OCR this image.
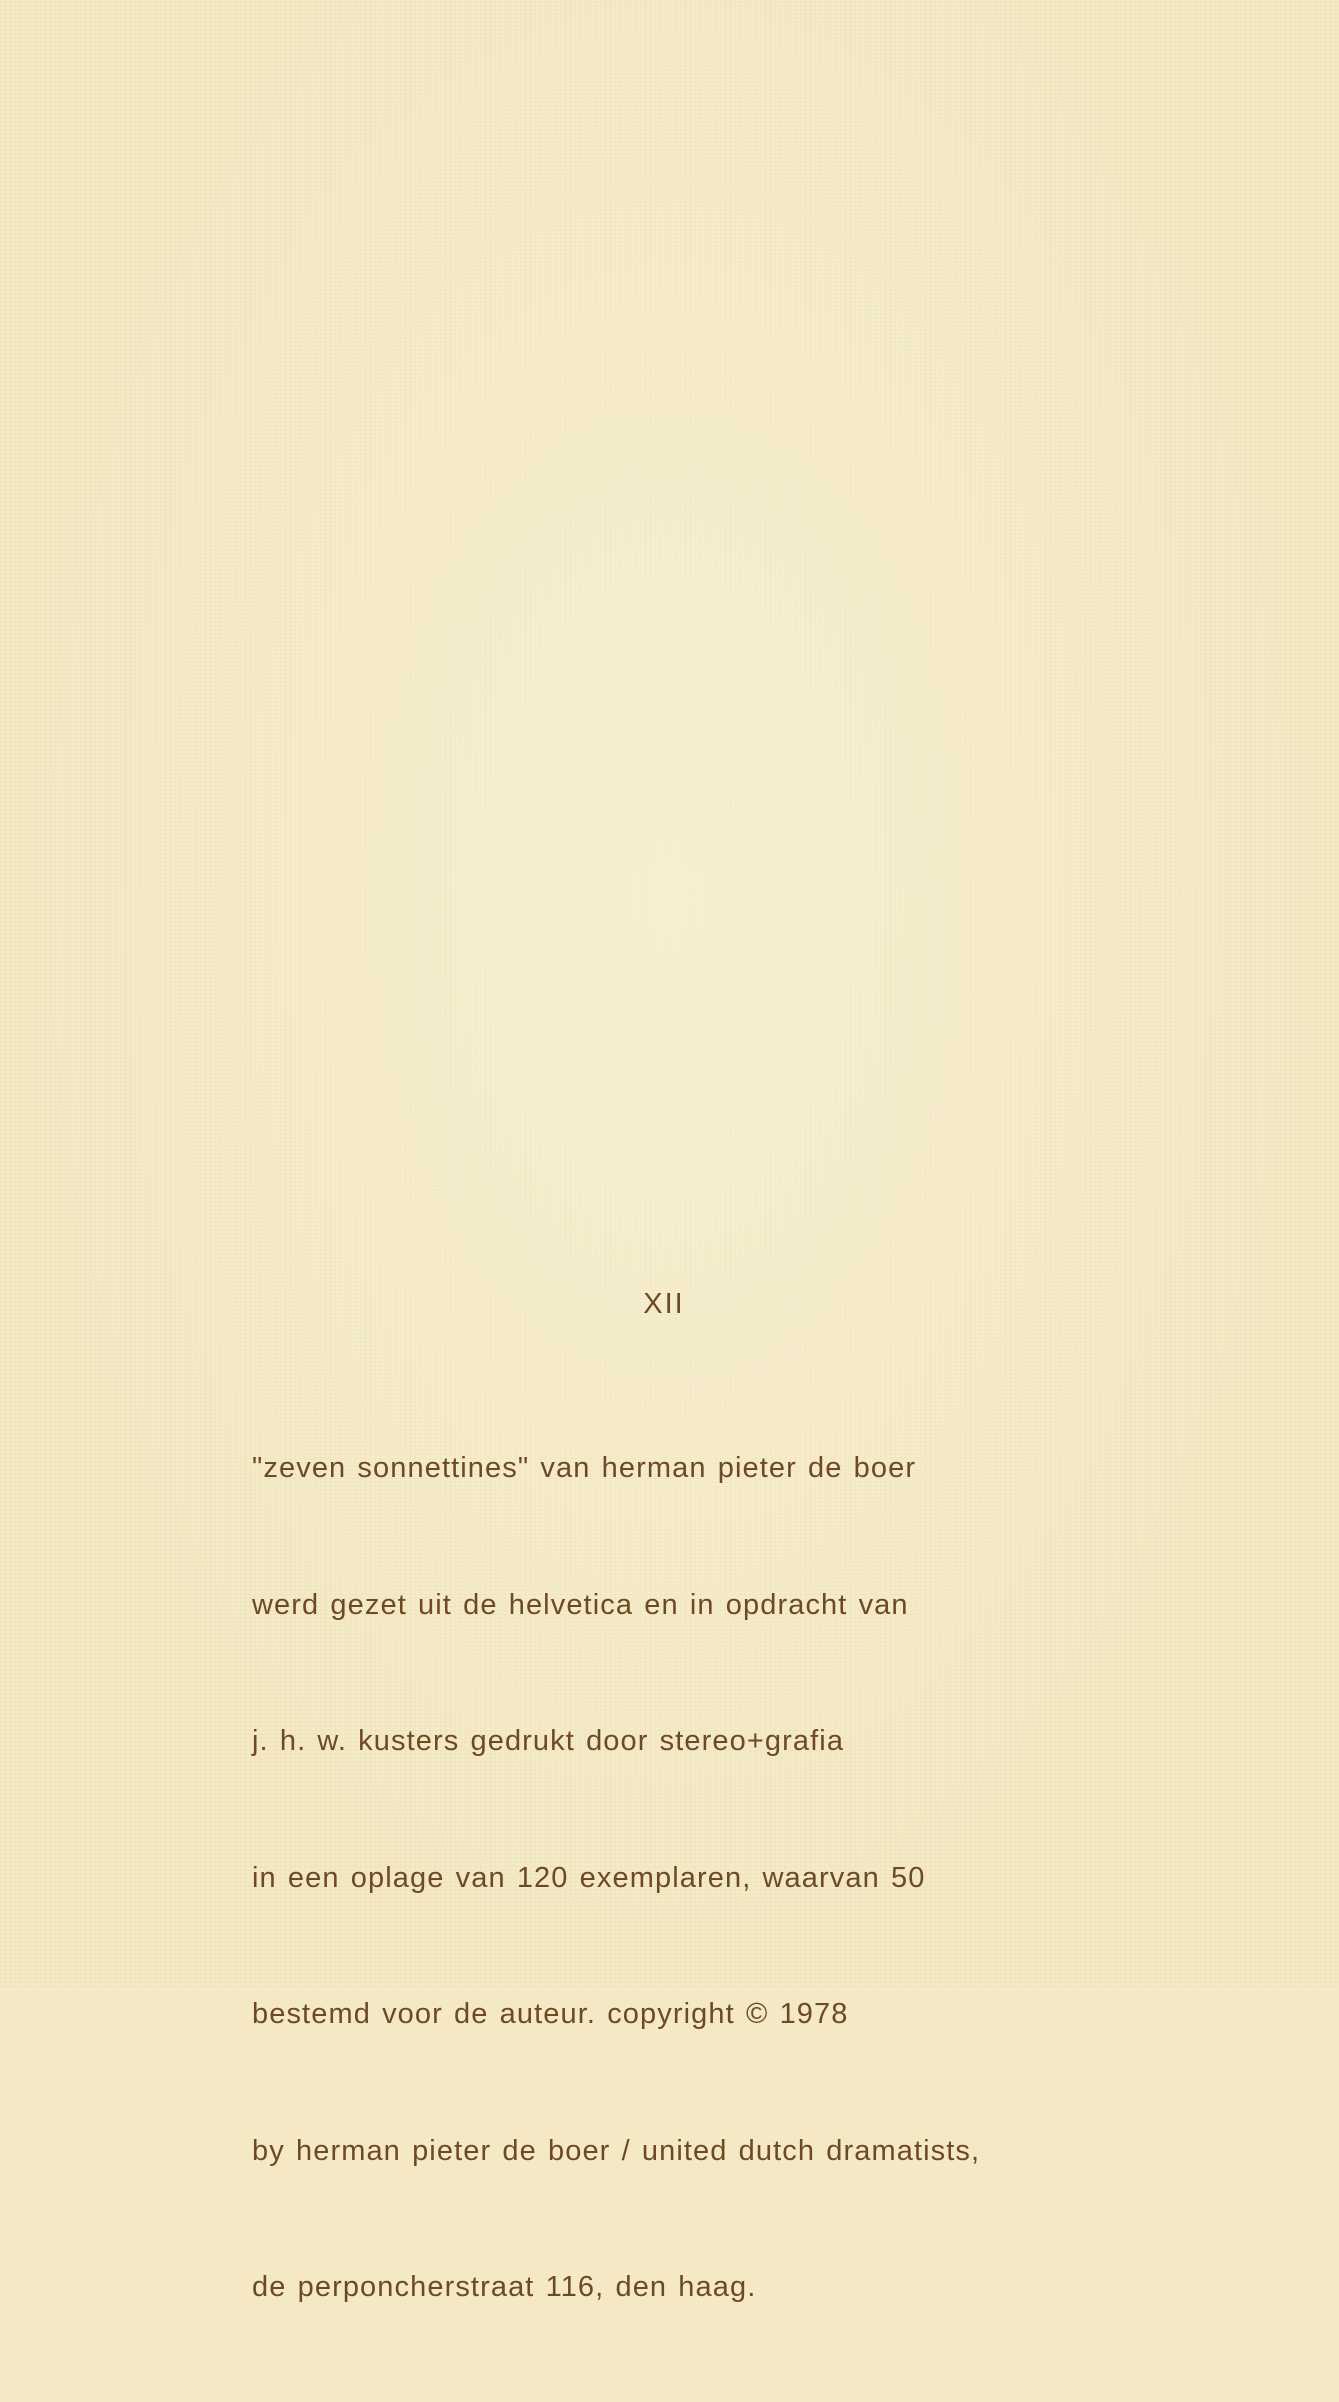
XII

"zeven sonnettines" van herman pieter de boer

werd gezet uit de helvetica en in opdracht van

j. h. w. kusters gedrukt door stereo+grafia

in een oplage van 120 exemplaren, waarvan 50

bestemd voor de auteur. copyright © 1978

by herman pieter de boer / united dutch dramatists,

de perponcherstraat 116, den haag.
